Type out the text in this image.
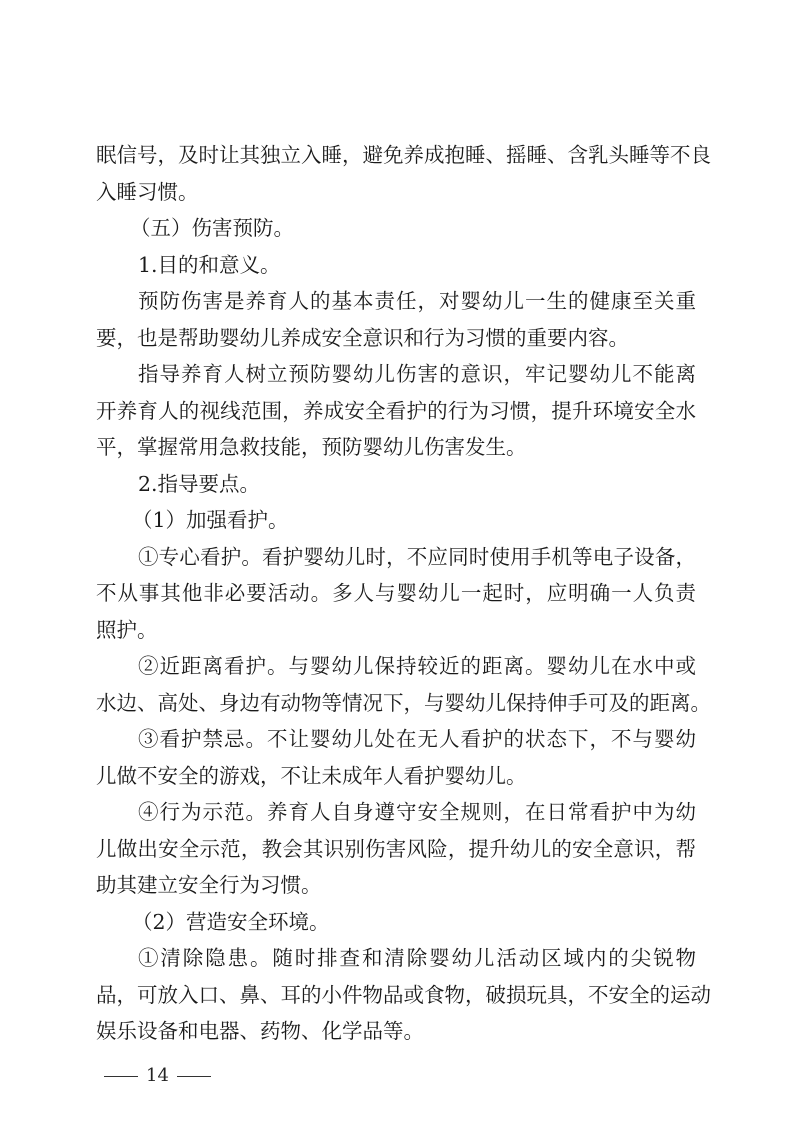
眠信号，及时让其独立入睡，避免养成抱睡、摇睡、含乳头睡等不良
入睡习惯。
（五）伤害预防。
1.目的和意义。
预防伤害是养育人的基本责任，对婴幼儿一生的健康至关重
要，也是帮助婴幼儿养成安全意识和行为习惯的重要内容。
指导养育人树立预防婴幼儿伤害的意识，牢记婴幼儿不能离
开养育人的视线范围，养成安全看护的行为习惯，提升环境安全水
平，掌握常用急救技能，预防婴幼儿伤害发生。
2.指导要点。
（1）加强看护。
①专心看护。看护婴幼儿时，不应同时使用手机等电子设备，
不从事其他非必要活动。多人与婴幼儿一起时，应明确一人负责
照护。
②近距离看护。与婴幼儿保持较近的距离。婴幼儿在水中或
水边、高处、身边有动物等情况下，与婴幼儿保持伸手可及的距离。
③看护禁忌。不让婴幼儿处在无人看护的状态下，不与婴幼
儿做不安全的游戏，不让未成年人看护婴幼儿。
④行为示范。养育人自身遵守安全规则，在日常看护中为幼
儿做出安全示范，教会其识别伤害风险，提升幼儿的安全意识，帮
助其建立安全行为习惯。
（2）营造安全环境。
①清除隐患。随时排查和清除婴幼儿活动区域内的尖锐物
品，可放入口、鼻、耳的小件物品或食物，破损玩具，不安全的运动
娱乐设备和电器、药物、化学品等。
14
